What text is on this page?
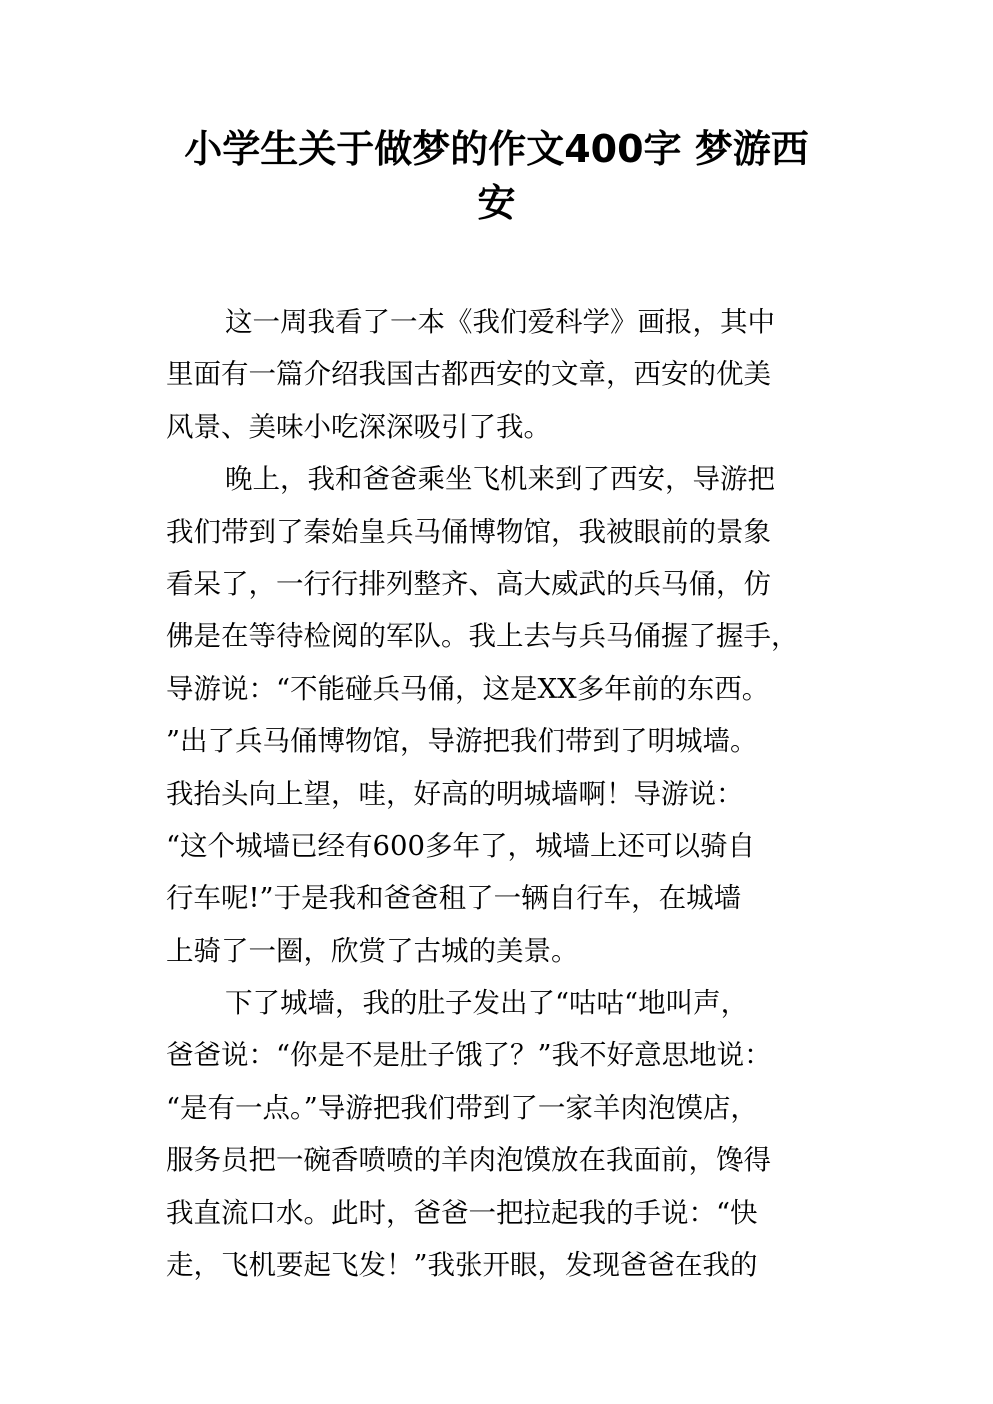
小学生关于做梦的作文400字 梦游西
安
这一周我看了一本《我们爱科学》画报，其中
里面有一篇介绍我国古都西安的文章，西安的优美
风景、美味小吃深深吸引了我。
晚上，我和爸爸乘坐飞机来到了西安，导游把
我们带到了秦始皇兵马俑博物馆，我被眼前的景象
看呆了，一行行排列整齐、高大威武的兵马俑，仿
佛是在等待检阅的军队。我上去与兵马俑握了握手，
导游说：“不能碰兵马俑，这是XX多年前的东西。
”出了兵马俑博物馆，导游把我们带到了明城墙。
我抬头向上望，哇，好高的明城墙啊！导游说：
“这个城墙已经有600多年了，城墙上还可以骑自
行车呢!”于是我和爸爸租了一辆自行车，在城墙
上骑了一圈，欣赏了古城的美景。
下了城墙，我的肚子发出了“咕咕“地叫声，
爸爸说：“你是不是肚子饿了？”我不好意思地说：
“是有一点。”导游把我们带到了一家羊肉泡馍店，
服务员把一碗香喷喷的羊肉泡馍放在我面前，馋得
我直流口水。此时，爸爸一把拉起我的手说：“快
走，飞机要起飞发！”我张开眼，发现爸爸在我的
